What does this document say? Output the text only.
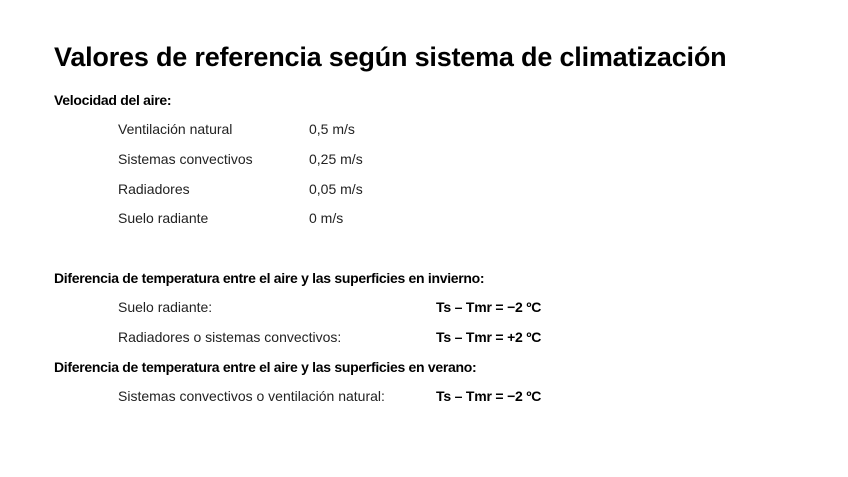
Valores de referencia según sistema de climatización
Velocidad del aire:
Ventilación natural	0,5 m/s
Sistemas convectivos	0,25 m/s
Radiadores	0,05 m/s
Suelo radiante	0 m/s
Diferencia de temperatura entre el aire y las superficies en invierno:
Suelo radiante:	Ts – Tmr = −2 ºC
Radiadores o sistemas convectivos:	Ts – Tmr = +2 ºC
Diferencia de temperatura entre el aire y las superficies en verano:
Sistemas convectivos o ventilación natural:	Ts – Tmr = −2 ºC
